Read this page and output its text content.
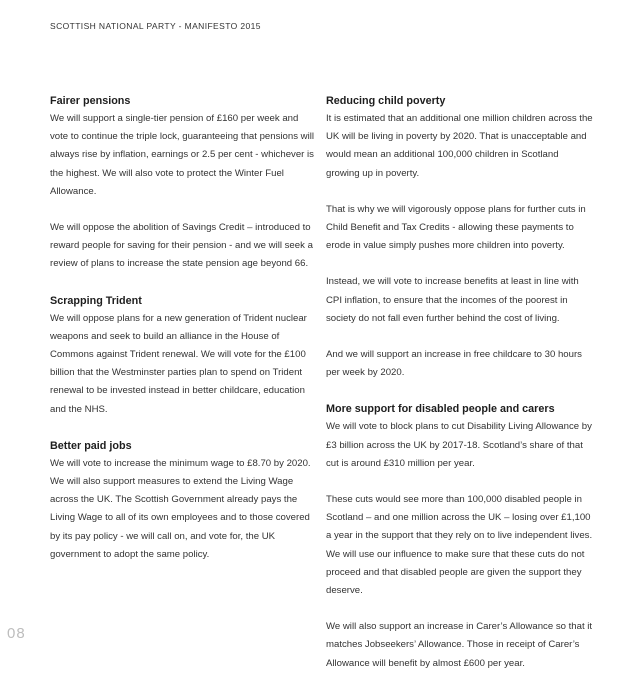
SCOTTISH NATIONAL PARTY - MANIFESTO 2015
Fairer pensions

We will support a single-tier pension of £160 per week and vote to continue the triple lock, guaranteeing that pensions will always rise by inflation, earnings or 2.5 per cent - whichever is the highest. We will also vote to protect the Winter Fuel Allowance.

We will oppose the abolition of Savings Credit – introduced to reward people for saving for their pension - and we will seek a review of plans to increase the state pension age beyond 66.

Scrapping Trident

We will oppose plans for a new generation of Trident nuclear weapons and seek to build an alliance in the House of Commons against Trident renewal. We will vote for the £100 billion that the Westminster parties plan to spend on Trident renewal to be invested instead in better childcare, education and the NHS.

Better paid jobs

We will vote to increase the minimum wage to £8.70 by 2020. We will also support measures to extend the Living Wage across the UK. The Scottish Government already pays the Living Wage to all of its own employees and to those covered by its pay policy - we will call on, and vote for, the UK government to adopt the same policy.

Reducing child poverty

It is estimated that an additional one million children across the UK will be living in poverty by 2020. That is unacceptable and would mean an additional 100,000 children in Scotland growing up in poverty.

That is why we will vigorously oppose plans for further cuts in Child Benefit and Tax Credits - allowing these payments to erode in value simply pushes more children into poverty.

Instead, we will vote to increase benefits at least in line with CPI inflation, to ensure that the incomes of the poorest in society do not fall even further behind the cost of living.

And we will support an increase in free childcare to 30 hours per week by 2020.

More support for disabled people and carers

We will vote to block plans to cut Disability Living Allowance by £3 billion across the UK by 2017-18. Scotland’s share of that cut is around £310 million per year.

These cuts would see more than 100,000 disabled people in Scotland – and one million across the UK – losing over £1,100 a year in the support that they rely on to live independent lives. We will use our influence to make sure that these cuts do not proceed and that disabled people are given the support they deserve.

We will also support an increase in Carer’s Allowance so that it matches Jobseekers’ Allowance. Those in receipt of Carer’s Allowance will benefit by almost £600 per year.

08
